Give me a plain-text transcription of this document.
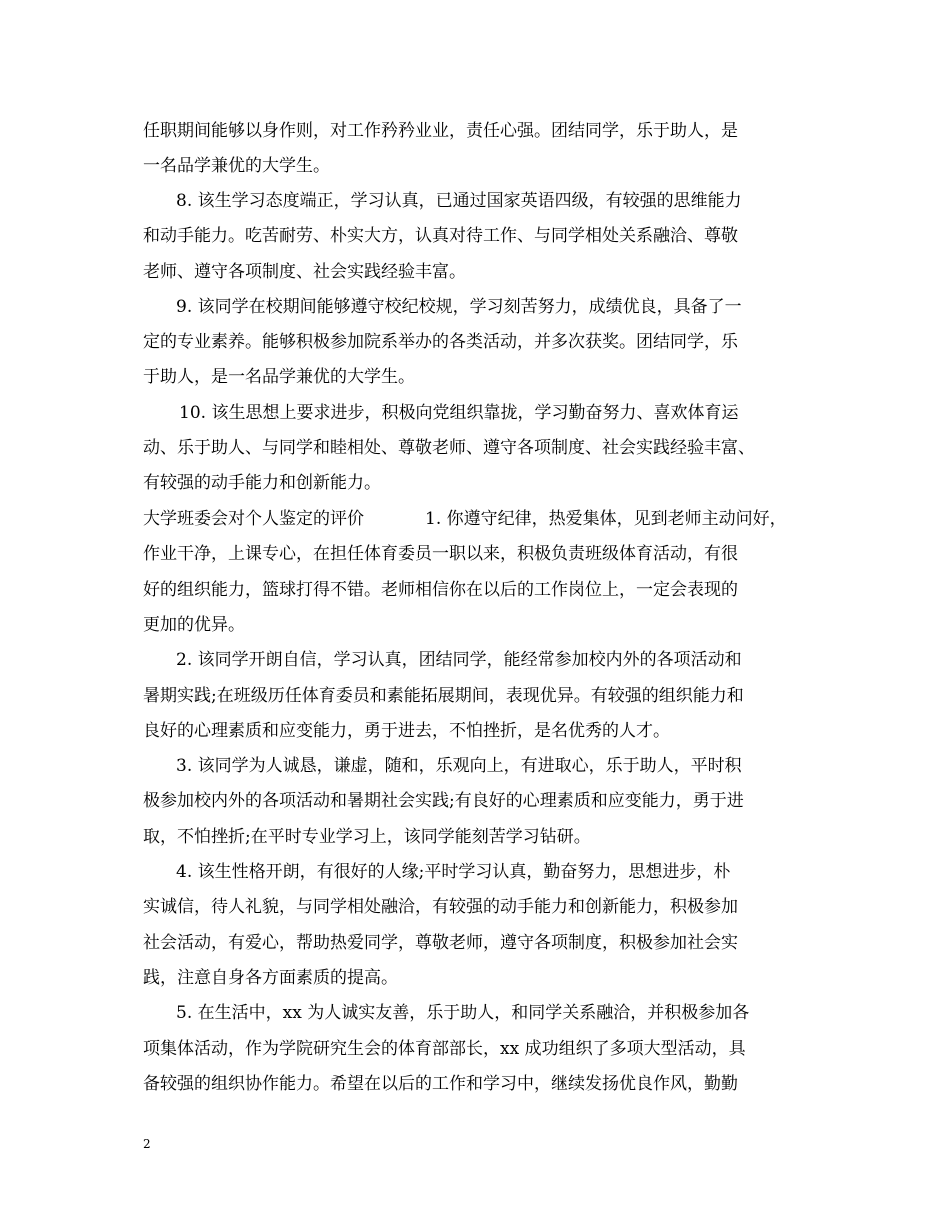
任职期间能够以身作则，对工作矜矜业业，责任心强。团结同学，乐于助人，是
一名品学兼优的大学生。
8. 该生学习态度端正，学习认真，已通过国家英语四级，有较强的思维能力
和动手能力。吃苦耐劳、朴实大方，认真对待工作、与同学相处关系融洽、尊敬
老师、遵守各项制度、社会实践经验丰富。
9. 该同学在校期间能够遵守校纪校规，学习刻苦努力，成绩优良，具备了一
定的专业素养。能够积极参加院系举办的各类活动，并多次获奖。团结同学，乐
于助人，是一名品学兼优的大学生。
10. 该生思想上要求进步，积极向党组织靠拢，学习勤奋努力、喜欢体育运
动、乐于助人、与同学和睦相处、尊敬老师、遵守各项制度、社会实践经验丰富、
有较强的动手能力和创新能力。
大学班委会对个人鉴定的评价	1. 你遵守纪律，热爱集体，见到老师主动问好，
作业干净，上课专心，在担任体育委员一职以来，积极负责班级体育活动，有很
好的组织能力，篮球打得不错。老师相信你在以后的工作岗位上，一定会表现的
更加的优异。
2. 该同学开朗自信，学习认真，团结同学，能经常参加校内外的各项活动和
暑期实践;在班级历任体育委员和素能拓展期间，表现优异。有较强的组织能力和
良好的心理素质和应变能力，勇于进去，不怕挫折，是名优秀的人才。
3. 该同学为人诚恳，谦虚，随和，乐观向上，有进取心，乐于助人，平时积
极参加校内外的各项活动和暑期社会实践;有良好的心理素质和应变能力，勇于进
取，不怕挫折;在平时专业学习上，该同学能刻苦学习钻研。
4. 该生性格开朗，有很好的人缘;平时学习认真，勤奋努力，思想进步，朴
实诚信，待人礼貌，与同学相处融洽，有较强的动手能力和创新能力，积极参加
社会活动，有爱心，帮助热爱同学，尊敬老师，遵守各项制度，积极参加社会实
践，注意自身各方面素质的提高。
5. 在生活中，xx 为人诚实友善，乐于助人，和同学关系融洽，并积极参加各
项集体活动，作为学院研究生会的体育部部长，xx 成功组织了多项大型活动，具
备较强的组织协作能力。希望在以后的工作和学习中，继续发扬优良作风，勤勤
2
